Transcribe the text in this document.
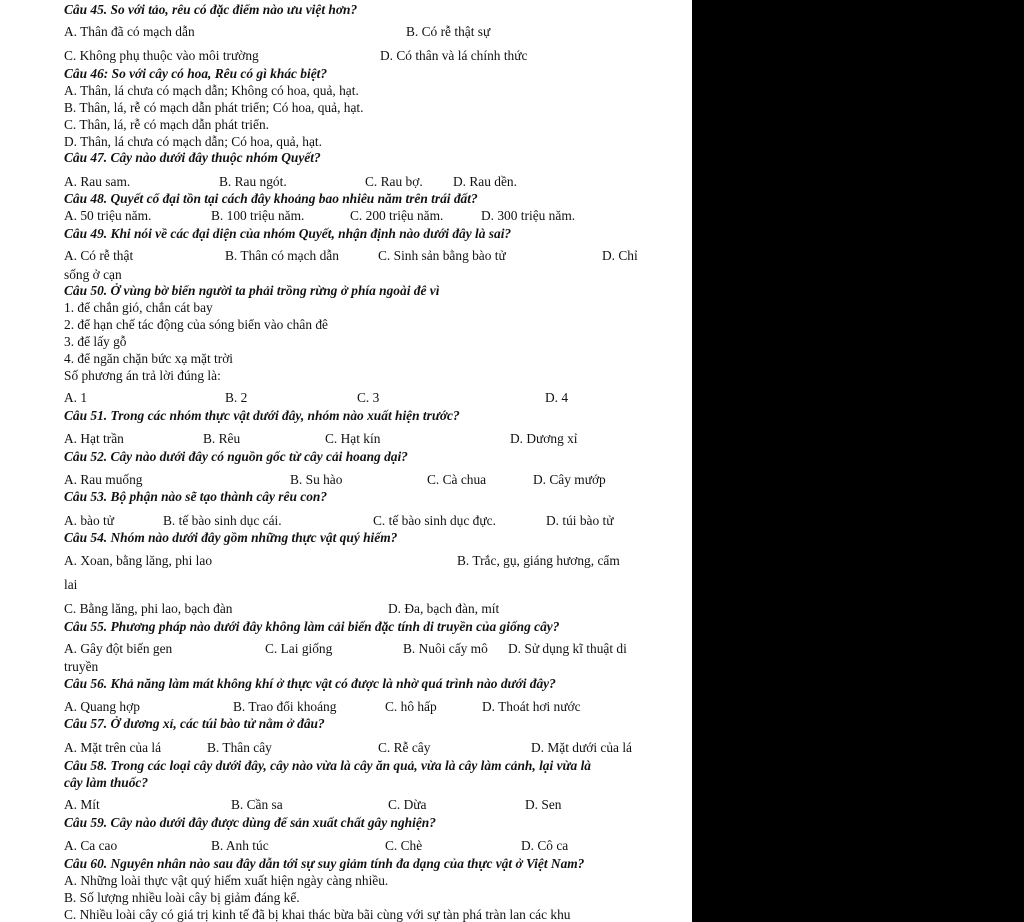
Câu 45. So với tảo, rêu có đặc điểm nào ưu việt hơn?
A. Thân đã có mạch dẫn	B. Có rễ thật sự
C. Không phụ thuộc vào môi trường	D. Có thân và lá chính thức
Câu 46: So với cây có hoa, Rêu có gì khác biệt?
A. Thân, lá chưa có mạch dẫn; Không có hoa, quả, hạt.
B. Thân, lá, rễ có mạch dẫn phát triển; Có hoa, quả, hạt.
C. Thân, lá, rễ có mạch dẫn phát triển.
D. Thân, lá chưa có mạch dẫn; Có hoa, quả, hạt.
Câu 47. Cây nào dưới đây thuộc nhóm Quyết?
A. Rau sam.	B. Rau ngót.	C. Rau bợ. D. Rau dền.
Câu 48. Quyết cổ đại tồn tại cách đây khoảng bao nhiêu năm trên trái đất?
A. 50 triệu năm.	B. 100 triệu năm.	C. 200 triệu năm.	D. 300 triệu năm.
Câu 49. Khi nói về các đại diện của nhóm Quyết, nhận định nào dưới đây là sai?
A. Có rễ thật	B. Thân có mạch dẫn	C. Sinh sản bằng bào tử	D. Chỉ
sống ở cạn
Câu 50. Ở vùng bờ biển người ta phải trồng rừng ở phía ngoài đê vì
1. để chắn gió, chắn cát bay
2. để hạn chế tác động của sóng biển vào chân đê
3. để lấy gỗ
4. để ngăn chặn bức xạ mặt trời
Số phương án trả lời đúng là:
A. 1	B. 2	C. 3	D. 4
Câu 51. Trong các nhóm thực vật dưới đây, nhóm nào xuất hiện trước?
A. Hạt trần	B. Rêu	C. Hạt kín	D. Dương xỉ
Câu 52. Cây nào dưới đây có nguồn gốc từ cây cải hoang dại?
A. Rau muống	B. Su hào	C. Cà chua	D. Cây mướp
Câu 53. Bộ phận nào sẽ tạo thành cây rêu con?
A. bào tử	B. tế bào sinh dục cái.	C. tế bào sinh dục đực.	D. túi bào tử
Câu 54. Nhóm nào dưới đây gồm những thực vật quý hiếm?
A. Xoan, bằng lăng, phi lao	B. Trắc, gụ, giáng hương, cẩm
lai
C. Bằng lăng, phi lao, bạch đàn	D. Đa, bạch đàn, mít
Câu 55. Phương pháp nào dưới đây không làm cải biến đặc tính di truyền của giống cây?
A. Gây đột biến gen	C. Lai giống	B. Nuôi cấy mô D. Sử dụng kĩ thuật di
truyền
Câu 56. Khả năng làm mát không khí ở thực vật có được là nhờ quá trình nào dưới đây?
A. Quang hợp	B. Trao đổi khoáng	C. hô hấp	D. Thoát hơi nước
Câu 57. Ở dương xỉ, các túi bào tử nằm ở đâu?
A. Mặt trên của lá	B. Thân cây	C. Rễ cây	D. Mặt dưới của lá
Câu 58. Trong các loại cây dưới đây, cây nào vừa là cây ăn quả, vừa là cây làm cảnh, lại vừa là
cây làm thuốc?
A. Mít	B. Cần sa	C. Dừa	D. Sen
Câu 59. Cây nào dưới đây được dùng để sản xuất chất gây nghiện?
A. Ca cao	B. Anh túc	C. Chè	D. Cô ca
Câu 60. Nguyên nhân nào sau đây dẫn tới sự suy giảm tính đa dạng của thực vật ở Việt Nam?
A. Những loài thực vật quý hiếm xuất hiện ngày càng nhiều.
B. Số lượng nhiều loài cây bị giảm đáng kể.
C. Nhiều loài cây có giá trị kinh tế đã bị khai thác bừa bãi cùng với sự tàn phá tràn lan các khu
